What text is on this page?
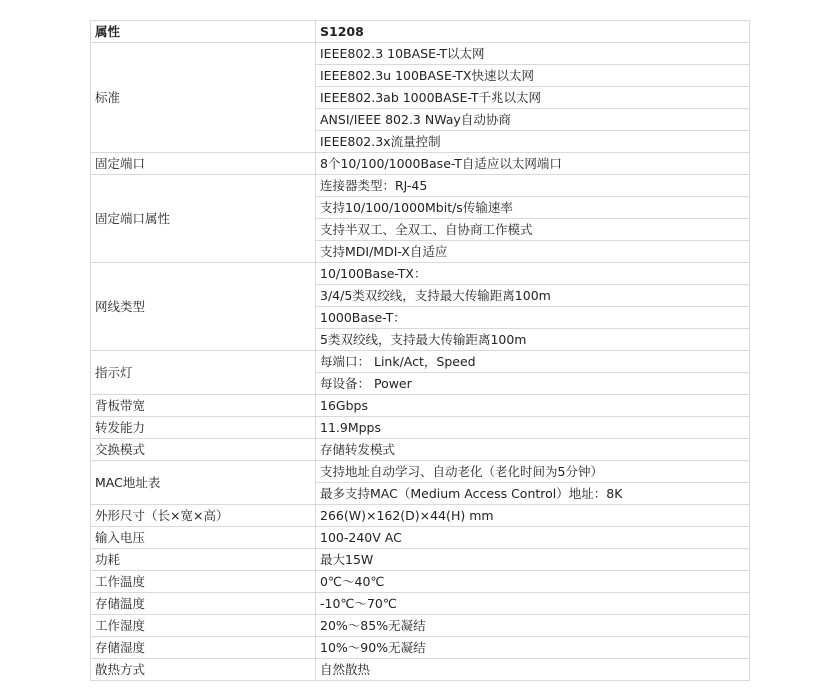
属性	S1208
标准	IEEE802.3 10BASE-T以太网
	IEEE802.3u 100BASE-TX快速以太网
	IEEE802.3ab 1000BASE-T千兆以太网
	ANSI/IEEE 802.3 NWay自动协商
	IEEE802.3x流量控制
固定端口	8个10/100/1000Base-T自适应以太网端口
固定端口属性	连接器类型：RJ-45
	支持10/100/1000Mbit/s传输速率
	支持半双工、全双工、自协商工作模式
	支持MDI/MDI-X自适应
网线类型	10/100Base-TX：
	3/4/5类双绞线，支持最大传输距离100m
	1000Base-T：
	5类双绞线，支持最大传输距离100m
指示灯	每端口： Link/Act，Speed
	每设备： Power
背板带宽	16Gbps
转发能力	11.9Mpps
交换模式	存储转发模式
MAC地址表	支持地址自动学习、自动老化（老化时间为5分钟）
	最多支持MAC（Medium Access Control）地址：8K
外形尺寸（长×宽×高）	266(W)×162(D)×44(H) mm
输入电压	100-240V AC
功耗	最大15W
工作温度	0℃～40℃
存储温度	-10℃～70℃
工作湿度	20%～85%无凝结
存储湿度	10%～90%无凝结
散热方式	自然散热
